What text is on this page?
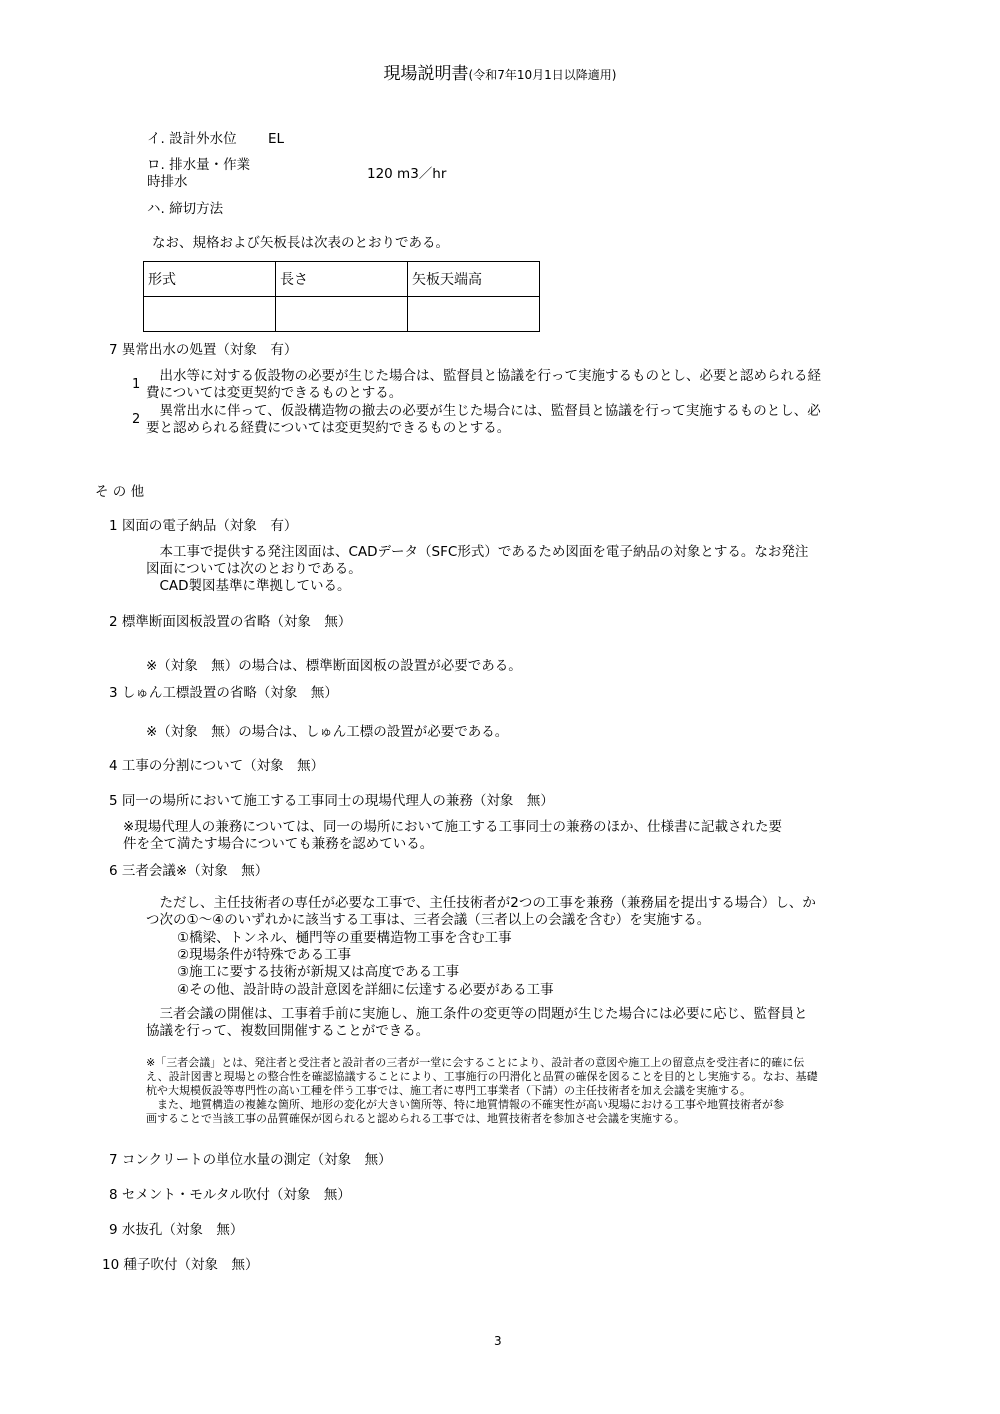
現場説明書(令和7年10月1日以降適用)
イ. 設計外水位 EL
ロ. 排水量・作業
時排水	120 m3／hr
ハ. 締切方法
なお、規格および矢板長は次表のとおりである。
形式	長さ	矢板天端高

7 異常出水の処置（対象　有）
1
　出水等に対する仮設物の必要が生じた場合は、監督員と協議を行って実施するものとし、必要と認められる経
費については変更契約できるものとする。
2
　異常出水に伴って、仮設構造物の撤去の必要が生じた場合には、監督員と協議を行って実施するものとし、必
要と認められる経費については変更契約できるものとする。
そ の 他
1 図面の電子納品（対象　有）
　本工事で提供する発注図面は、CADデータ（SFC形式）であるため図面を電子納品の対象とする。なお発注
図面については次のとおりである。
　CAD製図基準に準拠している。
2 標準断面図板設置の省略（対象　無）
※（対象　無）の場合は、標準断面図板の設置が必要である。
3 しゅん工標設置の省略（対象　無）
※（対象　無）の場合は、しゅん工標の設置が必要である。
4 工事の分割について（対象　無）
5 同一の場所において施工する工事同士の現場代理人の兼務（対象　無）
※現場代理人の兼務については、同一の場所において施工する工事同士の兼務のほか、仕様書に記載された要
件を全て満たす場合についても兼務を認めている。
6 三者会議※（対象　無）
　ただし、主任技術者の専任が必要な工事で、主任技術者が2つの工事を兼務（兼務届を提出する場合）し、か
つ次の①～④のいずれかに該当する工事は、三者会議（三者以上の会議を含む）を実施する。
①橋梁、トンネル、樋門等の重要構造物工事を含む工事
②現場条件が特殊である工事
③施工に要する技術が新規又は高度である工事
④その他、設計時の設計意図を詳細に伝達する必要がある工事
　三者会議の開催は、工事着手前に実施し、施工条件の変更等の問題が生じた場合には必要に応じ、監督員と
協議を行って、複数回開催することができる。
※「三者会議」とは、発注者と受注者と設計者の三者が一堂に会することにより、設計者の意図や施工上の留意点を受注者に的確に伝
え、設計図書と現場との整合性を確認協議することにより、工事施行の円滑化と品質の確保を図ることを目的とし実施する。なお、基礎
杭や大規模仮設等専門性の高い工種を伴う工事では、施工者に専門工事業者（下請）の主任技術者を加え会議を実施する。
　また、地質構造の複雑な箇所、地形の変化が大きい箇所等、特に地質情報の不確実性が高い現場における工事や地質技術者が参
画することで当該工事の品質確保が図られると認められる工事では、地質技術者を参加させ会議を実施する。
7 コンクリートの単位水量の測定（対象　無）
8 セメント・モルタル吹付（対象　無）
9 水抜孔（対象　無）
10 種子吹付（対象　無）
3
